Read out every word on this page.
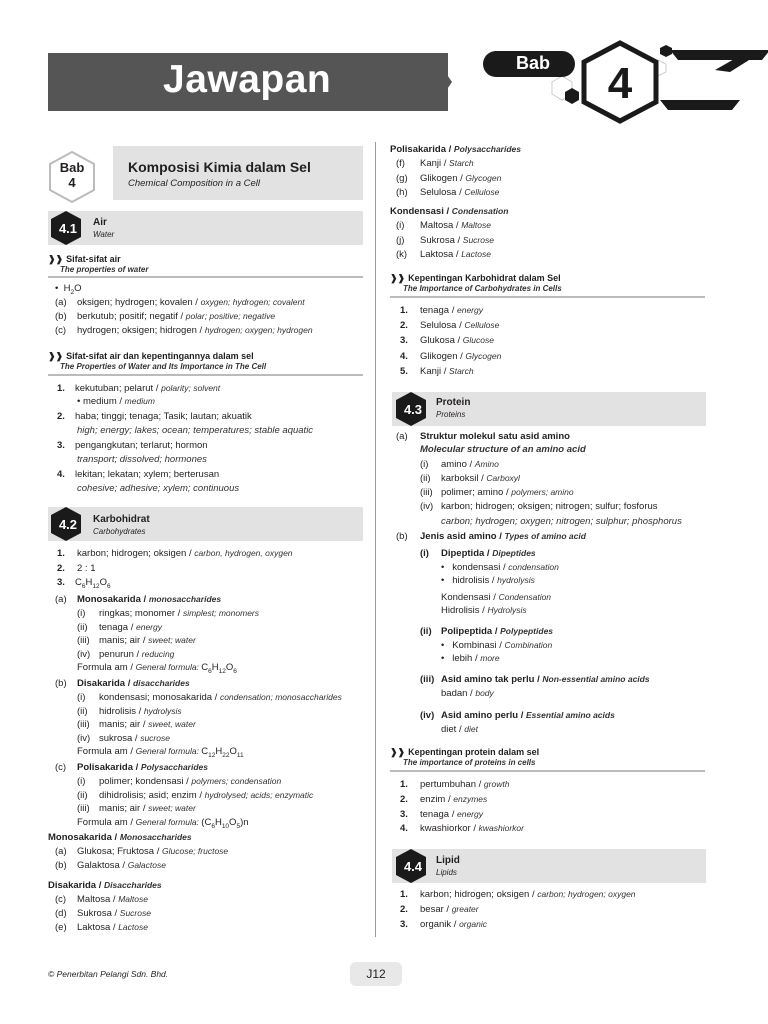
Jawapan	Bab 4
Bab
4
Komposisi Kimia dalam Sel
Chemical Composition in a Cell
4.1	Air
Water
❱❱ Sifat-sifat air
The properties of water
•  $H_2O$
(a) oksigen; hydrogen; kovalen / oxygen; hydrogen; covalent
(b) berkutub; positif; negatif / polar; positive; negative
(c) hydrogen; oksigen; hidrogen / hydrogen; oxygen; hydrogen
❱❱ Sifat-sifat air dan kepentingannya dalam sel
The Properties of Water and Its Importance in The Cell
1. kekutuban; pelarut / polarity; solvent
• medium / medium
2. haba; tinggi; tenaga; Tasik; lautan; akuatik
high; energy; lakes; ocean; temperatures; stable aquatic
3. pengangkutan; terlarut; hormon
transport; dissolved; hormones
4. lekitan; lekatan; xylem; berterusan
cohesive; adhesive; xylem; continuous
4.2	Karbohidrat
Carbohydrates
1. karbon; hidrogen; oksigen / carbon, hydrogen, oxygen
2. 2 : 1
3. $C_6H_{12}O_6$
(a) Monosakarida / monosaccharides
(i) ringkas; monomer / simplest; monomers
(ii) tenaga / energy
(iii) manis; air / sweet; water
(iv) penurun / reducing
Formula am / General formula: $C_6H_{12}O_6$
(b) Disakarida / disaccharides
(i) kondensasi; monosakarida / condensation; monosaccharides
(ii) hidrolisis / hydrolysis
(iii) manis; air / sweet, water
(iv) sukrosa / sucrose
Formula am / General formula: $C_{12}H_{22}O_{11}$
(c) Polisakarida / Polysaccharides
(i) polimer; kondensasi / polymers; condensation
(ii) dihidrolisis; asid; enzim / hydrolysed; acids; enzymatic
(iii) manis; air / sweet; water
Formula am / General formula: $(C_6H_{10}O_5)n$
Monosakarida / Monosaccharides
(a) Glukosa; Fruktosa / Glucose; fructose
(b) Galaktosa / Galactose
Disakarida / Disaccharides
(c) Maltosa / Maltose
(d) Sukrosa / Sucrose
(e) Laktosa / Lactose
Polisakarida / Polysaccharides
(f) Kanji / Starch
(g) Glikogen / Glycogen
(h) Selulosa / Cellulose
Kondensasi / Condensation
(i) Maltosa / Maltose
(j) Sukrosa / Sucrose
(k) Laktosa / Lactose
❱❱ Kepentingan Karbohidrat dalam Sel
The Importance of Carbohydrates in Cells
1. tenaga / energy
2. Selulosa / Cellulose
3. Glukosa / Glucose
4. Glikogen / Glycogen
5. Kanji / Starch
4.3	Protein
Proteins
(a) Struktur molekul satu asid amino
Molecular structure of an amino acid
(i) amino / Amino
(ii) karboksil / Carboxyl
(iii) polimer; amino / polymers; amino
(iv) karbon; hidrogen; oksigen; nitrogen; sulfur; fosforus
carbon; hydrogen; oxygen; nitrogen; sulphur; phosphorus
(b) Jenis asid amino / Types of amino acid
(i) Dipeptida / Dipeptides
•   kondensasi / condensation
•   hidrolisis / hydrolysis
Kondensasi / Condensation
Hidrolisis / Hydrolysis
(ii) Polipeptida / Polypeptides
•   Kombinasi / Combination
•   lebih / more
(iii) Asid amino tak perlu / Non-essential amino acids
badan / body
(iv) Asid amino perlu / Essential amino acids
diet / diet
❱❱ Kepentingan protein dalam sel
The importance of proteins in cells
1. pertumbuhan / growth
2. enzim / enzymes
3. tenaga / energy
4. kwashiorkor / kwashiorkor
4.4	Lipid
Lipids
1. karbon; hidrogen; oksigen / carbon; hydrogen; oxygen
2. besar / greater
3. organik / organic
© Penerbitan Pelangi Sdn. Bhd.	J12
